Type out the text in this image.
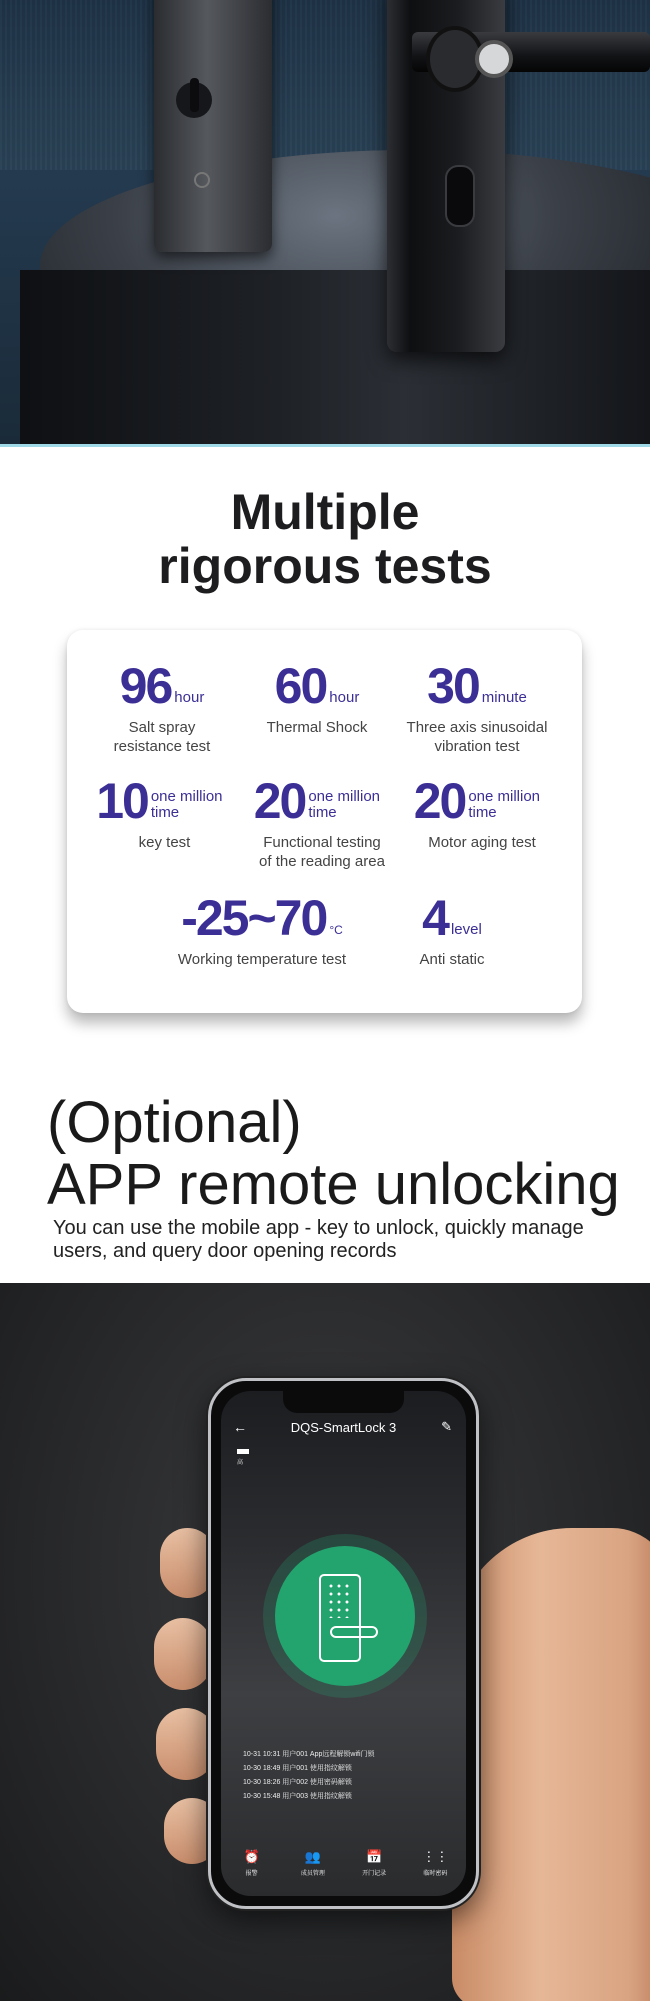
Multiple
rigorous tests
96 hour
Salt spray
resistance test
60 hour
Thermal Shock
30 minute
Three axis sinusoidal
vibration test
10 one million
time
key test
20 one million
time
Functional testing
of the reading area
20 one million
time
Motor aging test
-25~70 °C
Working temperature test
4 level
Anti static
(Optional)
APP remote unlocking
You can use the mobile app - key to unlock, quickly manage users, and query door opening records
←	DQS-SmartLock 3	✎
高
10-31 10:31 用户001 App远程解锁wifi门锁
10-30 18:49 用户001 使用指纹解锁
10-30 18:26 用户002 使用密码解锁
10-30 15:48 用户003 使用指纹解锁
⏰
报警
👥
成员管理
📅
开门记录
⋮⋮
临时密码
